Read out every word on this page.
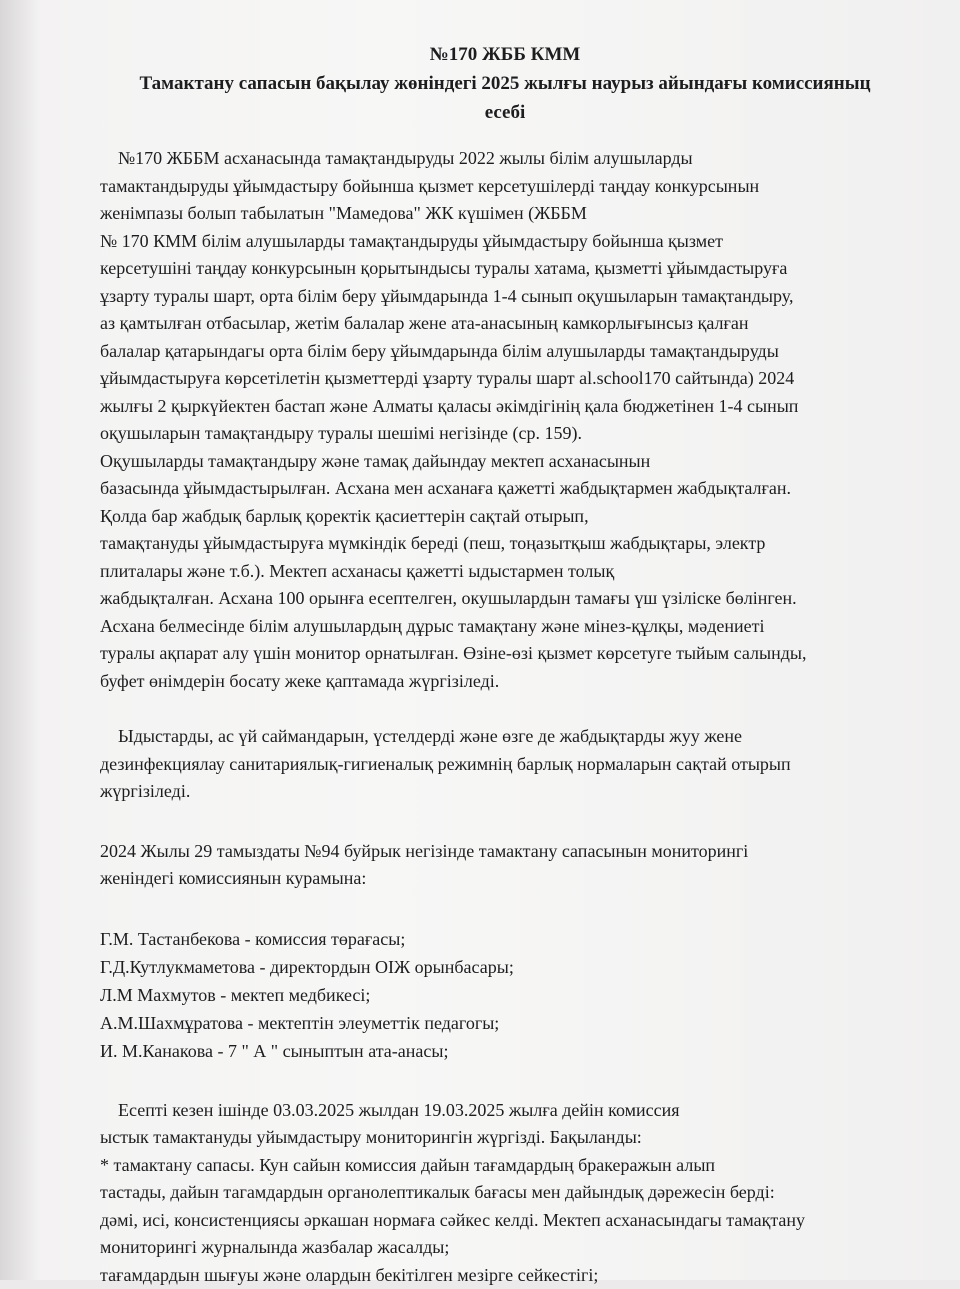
№170 ЖББ КММ
Тамактану сапасын бақылау жөніндегі 2025 жылғы наурыз айындағы комиссияныц
есебі

№170 ЖББМ асханасында тамақтандыруды 2022 жылы білім алушыларды

тамактандыруды ұйымдастыру бойынша қызмет керсетушілерді таңдау конкурсынын

женімпазы болып табылатын "Мамедова" ЖК күшімен (ЖББМ

№ 170 КММ білім алушыларды тамақтандыруды ұйымдастыру бойынша қызмет

керсетушіні таңдау конкурсынын қорытындысы туралы хатама, қызметті ұйымдастыруға

ұзарту туралы шарт, орта білім беру ұйымдарында 1-4 сынып оқушыларын тамақтандыру,

аз қамтылған отбасылар, жетім балалар жене ата-анасының камкорлығынсыз қалған

балалар қатарындагы орта білім беру ұйымдарында білім алушыларды тамақтандыруды

ұйымдастыруға көрсетілетін қызметтерді ұзарту туралы шарт al.school170 сайтында) 2024

жылғы 2 қыркүйектен бастап және Алматы қаласы әкімдігінің қала бюджетінен 1-4 сынып

оқушыларын тамақтандыру туралы шешімі негізінде (ср. 159).

Оқушыларды тамақтандыру және тамақ дайындау мектеп асханасынын

базасында ұйымдастырылған. Асхана мен асханаға қажетті жабдықтармен жабдықталған.

Қолда бар жабдық барлық қоректік қасиеттерін сақтай отырып,

тамақтануды ұйымдастыруға мүмкіндік береді (пеш, тоңазытқыш жабдықтары, электр

плиталары және т.б.). Мектеп асханасы қажетті ыдыстармен толық

жабдықталған. Асхана 100 орынға есептелген, окушылардын тамағы үш үзіліске бөлінген.

Асхана белмесінде білім алушылардың дұрыс тамақтану және мінез-құлқы, мәдениеті

туралы ақпарат алу үшін монитор орнатылған. Өзіне-өзі қызмет көрсетуге тыйым салынды,

буфет өнімдерін босату жеке қаптамада жүргізіледі.

Ыдыстарды, ас үй саймандарын, үстелдерді және өзге де жабдықтарды жуу жене

дезинфекциялау санитариялық-гигиеналық режимнің барлық нормаларын сақтай отырып

жүргізіледі.

2024 Жылы 29 тамыздаты №94 буйрык негізінде тамактану сапасынын мониторингі

женіндегі комиссиянын курамына:

Г.М. Тастанбекова - комиссия төрағасы;

Г.Д.Кутлукмаметова - директордын ОІЖ орынбасары;

Л.М Махмутов - мектеп медбикесі;

А.М.Шахмұратова - мектептін элеуметтік педагогы;

И. М.Канакова - 7 " А " сыныптын ата-анасы;

Есепті кезен ішінде 03.03.2025 жылдан 19.03.2025 жылға дейін комиссия

ыстык тамактануды уйымдастыру мониторингін жүргізді. Бақыланды:

* тамактану сапасы. Кун сайын комиссия дайын тағамдардың бракеражын алып

тастады, дайын тагамдардын органолептикалык бағасы мен дайындық дәрежесін берді:

дәмі, исі, консистенциясы әркашан нормаға сәйкес келді. Мектеп асханасындагы тамақтану

мониторингі журналында жазбалар жасалды;

тағамдардын шығуы және олардын бекітілген мезірге сейкестігі;
